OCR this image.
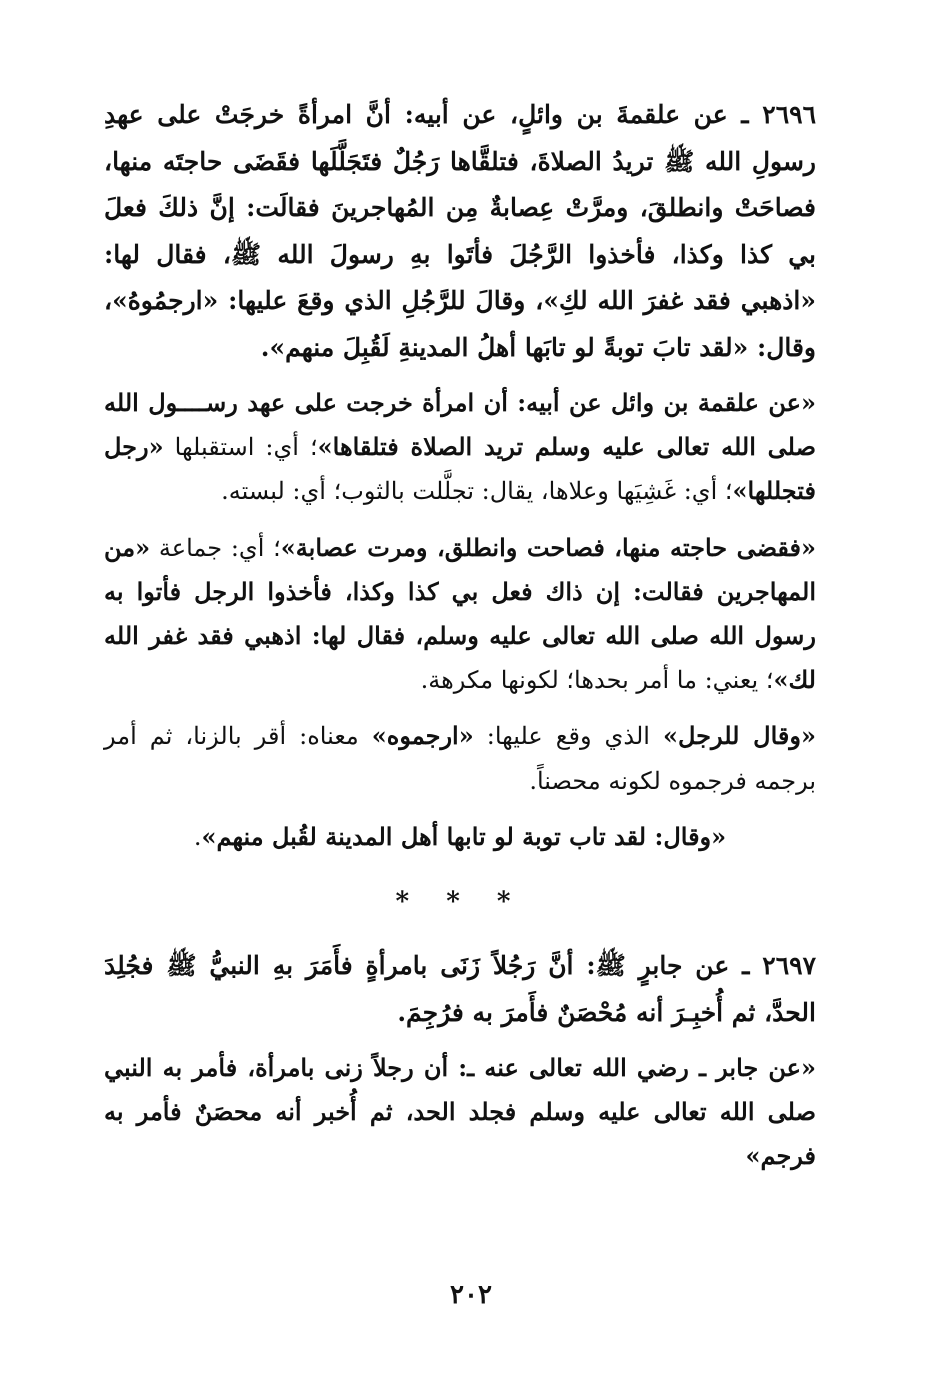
٢٦٩٦ ـ عن علقمةَ بن وائلٍ، عن أبيه: أنَّ امرأةً خرجَتْ على عهدِ رسولِ الله ﷺ تريدُ الصلاةَ، فتلقَّاها رَجُلٌ فتَجَلَّلَها فقَضَى حاجتَه منها، فصاحَتْ وانطلقَ، ومرَّتْ عِصابةٌ مِن المُهاجرينَ فقالَت: إنَّ ذلكَ فعلَ بي كذا وكذا، فأخذوا الرَّجُلَ فأتَوا بهِ رسولَ الله ﷺ، فقال لها: «اذهبي فقد غفرَ الله لكِ»، وقالَ للرَّجُلِ الذي وقعَ عليها: «ارجمُوهُ»، وقال: «لقد تابَ توبةً لو تابَها أهلُ المدينةِ لَقُبِلَ منهم».

«عن علقمة بن وائل عن أبيه: أن امرأة خرجت على عهد رســــول الله صلى الله تعالى عليه وسلم تريد الصلاة فتلقاها»؛ أي: استقبلها «رجل فتجللها»؛ أي: غَشِيَها وعلاها، يقال: تجلَّلت بالثوب؛ أي: لبسته.

«فقضى حاجته منها، فصاحت وانطلق، ومرت عصابة»؛ أي: جماعة «من المهاجرين فقالت: إن ذاك فعل بي كذا وكذا، فأخذوا الرجل فأتوا به رسول الله صلى الله تعالى عليه وسلم، فقال لها: اذهبي فقد غفر الله لك»؛ يعني: ما أمر بحدها؛ لكونها مكرهة.

«وقال للرجل» الذي وقع عليها: «ارجموه» معناه: أقر بالزنا، ثم أمر برجمه فرجموه لكونه محصناً.

«وقال: لقد تاب توبة لو تابها أهل المدينة لقُبل منهم».

* * *

٢٦٩٧ ـ عن جابرٍ ﷺ: أنَّ رَجُلاً زَنَى بامرأةٍ فأَمَرَ بهِ النبيُّ ﷺ فجُلِدَ الحدَّ، ثم أُخبِـرَ أنه مُحْصَنٌ فأَمرَ به فرُجِمَ.

«عن جابر ـ رضي الله تعالى عنه ـ: أن رجلاً زنى بامرأة، فأمر به النبي صلى الله تعالى عليه وسلم فجلد الحد، ثم أُخبر أنه محصَنٌ فأمر به فرجم»

٢٠٢
